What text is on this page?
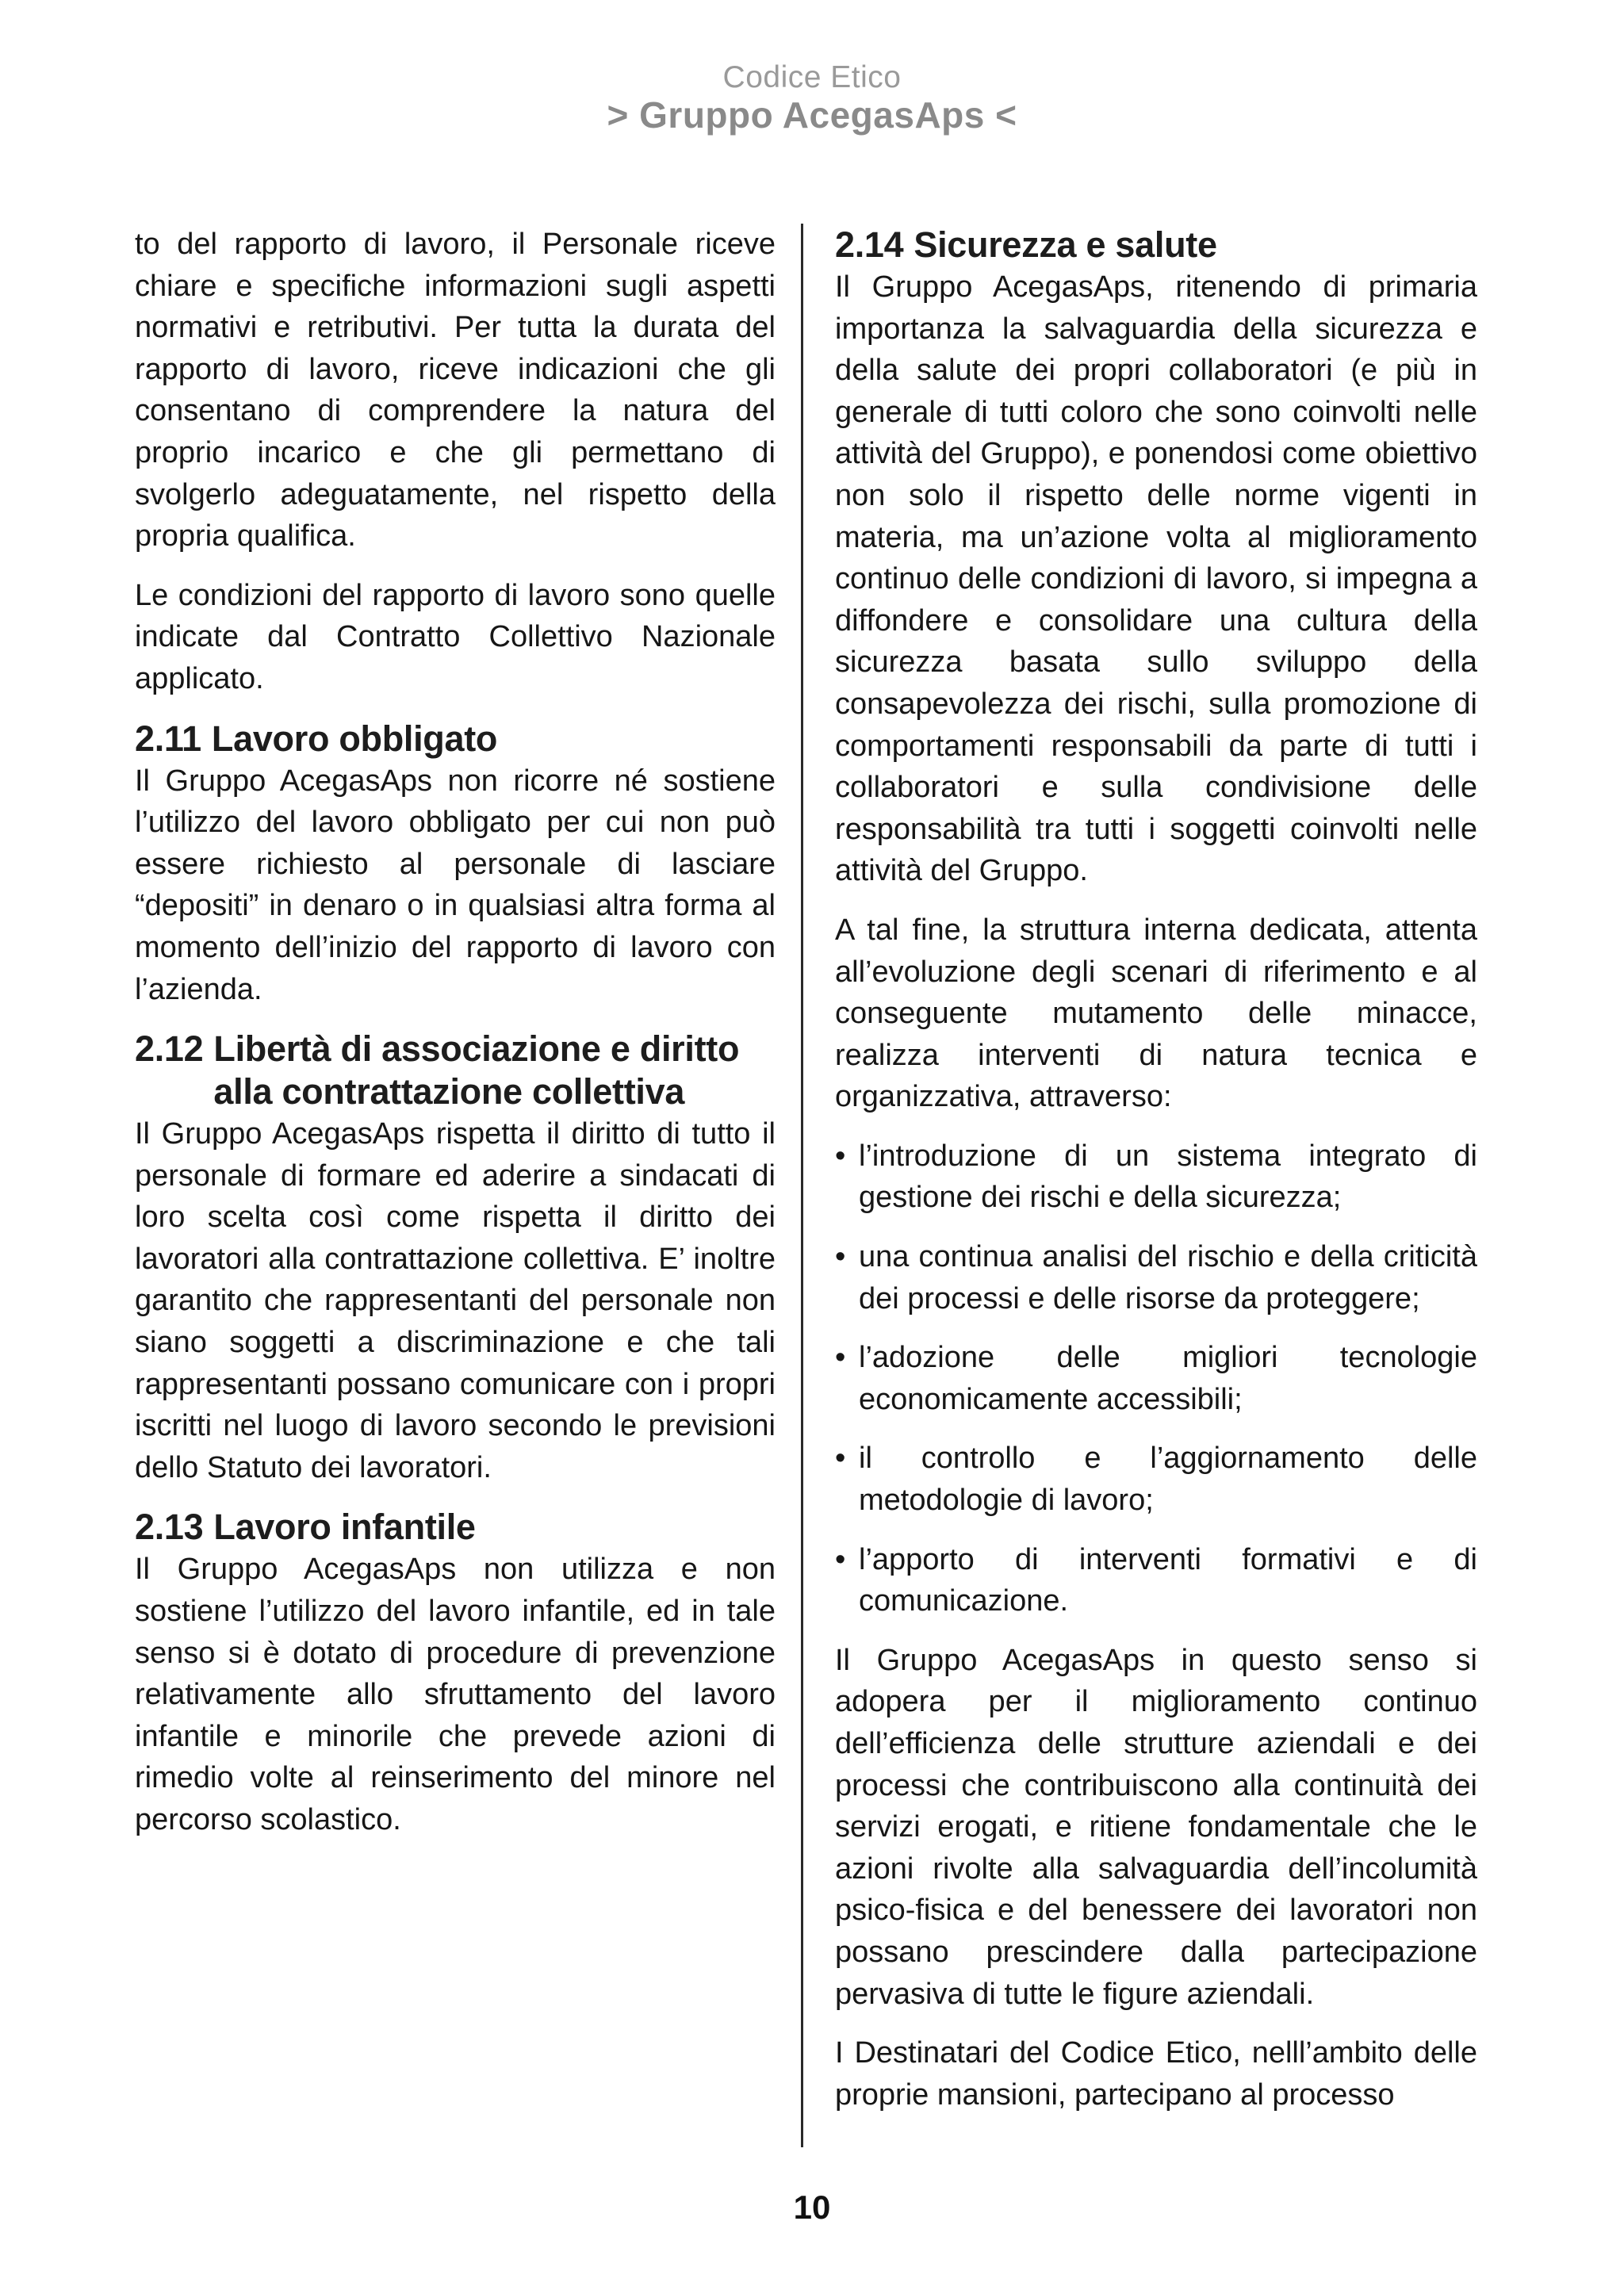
Codice Etico
> Gruppo AcegasAps <

to del rapporto di lavoro, il Personale riceve chiare e specifiche informazioni sugli aspetti normativi e retributivi. Per tutta la durata del rapporto di lavoro, riceve indicazioni che gli consentano di comprendere la natura del proprio incarico e che gli permettano di svolgerlo adeguatamente, nel rispetto della propria qualifica.

Le condizioni del rapporto di lavoro sono quelle indicate dal Contratto Collettivo Nazionale applicato.

2.11 Lavoro obbligato

Il Gruppo AcegasAps non ricorre né sostiene l’utilizzo del lavoro obbligato per cui non può essere richiesto al personale di lasciare “depositi” in denaro o in qualsiasi altra forma al momento dell’inizio del rapporto di lavoro con l’azienda.

2.12 Libertà di associazione e diritto alla contrattazione collettiva

Il Gruppo AcegasAps rispetta il diritto di tutto il personale di formare ed aderire a sindacati di loro scelta così come rispetta il diritto dei lavoratori alla contrattazione collettiva. E’ inoltre garantito che rappresentanti del personale non siano soggetti a discriminazione e che tali rappresentanti possano comunicare con i propri iscritti nel luogo di lavoro secondo le previsioni dello Statuto dei lavoratori.

2.13 Lavoro infantile

Il Gruppo AcegasAps non utilizza e non sostiene l’utilizzo del lavoro infantile, ed in tale senso si è dotato di procedure di prevenzione relativamente allo sfruttamento del lavoro infantile e minorile che prevede azioni di rimedio volte al reinserimento del minore nel percorso scolastico.

2.14 Sicurezza e salute

Il Gruppo AcegasAps, ritenendo di primaria importanza la salvaguardia della sicurezza e della salute dei propri collaboratori (e più in generale di tutti coloro che sono coinvolti nelle attività del Gruppo), e ponendosi come obiettivo non solo il rispetto delle norme vigenti in materia, ma un’azione volta al miglioramento continuo delle condizioni di lavoro, si impegna a diffondere e consolidare una cultura della sicurezza basata sullo sviluppo della consapevolezza dei rischi, sulla promozione di comportamenti responsabili da parte di tutti i collaboratori e sulla condivisione delle responsabilità tra tutti i soggetti coinvolti nelle attività del Gruppo.

A tal fine, la struttura interna dedicata, attenta all’evoluzione degli scenari di riferimento e al conseguente mutamento delle minacce, realizza interventi di natura tecnica e organizzativa, attraverso:

• l’introduzione di un sistema integrato di gestione dei rischi e della sicurezza;
• una continua analisi del rischio e della criticità dei processi e delle risorse da proteggere;
• l’adozione delle migliori tecnologie economicamente accessibili;
• il controllo e l’aggiornamento delle metodologie di lavoro;
• l’apporto di interventi formativi e di comunicazione.

Il Gruppo AcegasAps in questo senso si adopera per il miglioramento continuo dell’efficienza delle strutture aziendali e dei processi che contribuiscono alla continuità dei servizi erogati, e ritiene fondamentale che le azioni rivolte alla salvaguardia dell’incolumità psico-fisica e del benessere dei lavoratori non possano prescindere dalla partecipazione pervasiva di tutte le figure aziendali.

I Destinatari del Codice Etico, nelll’ambito delle proprie mansioni, partecipano al processo

10
